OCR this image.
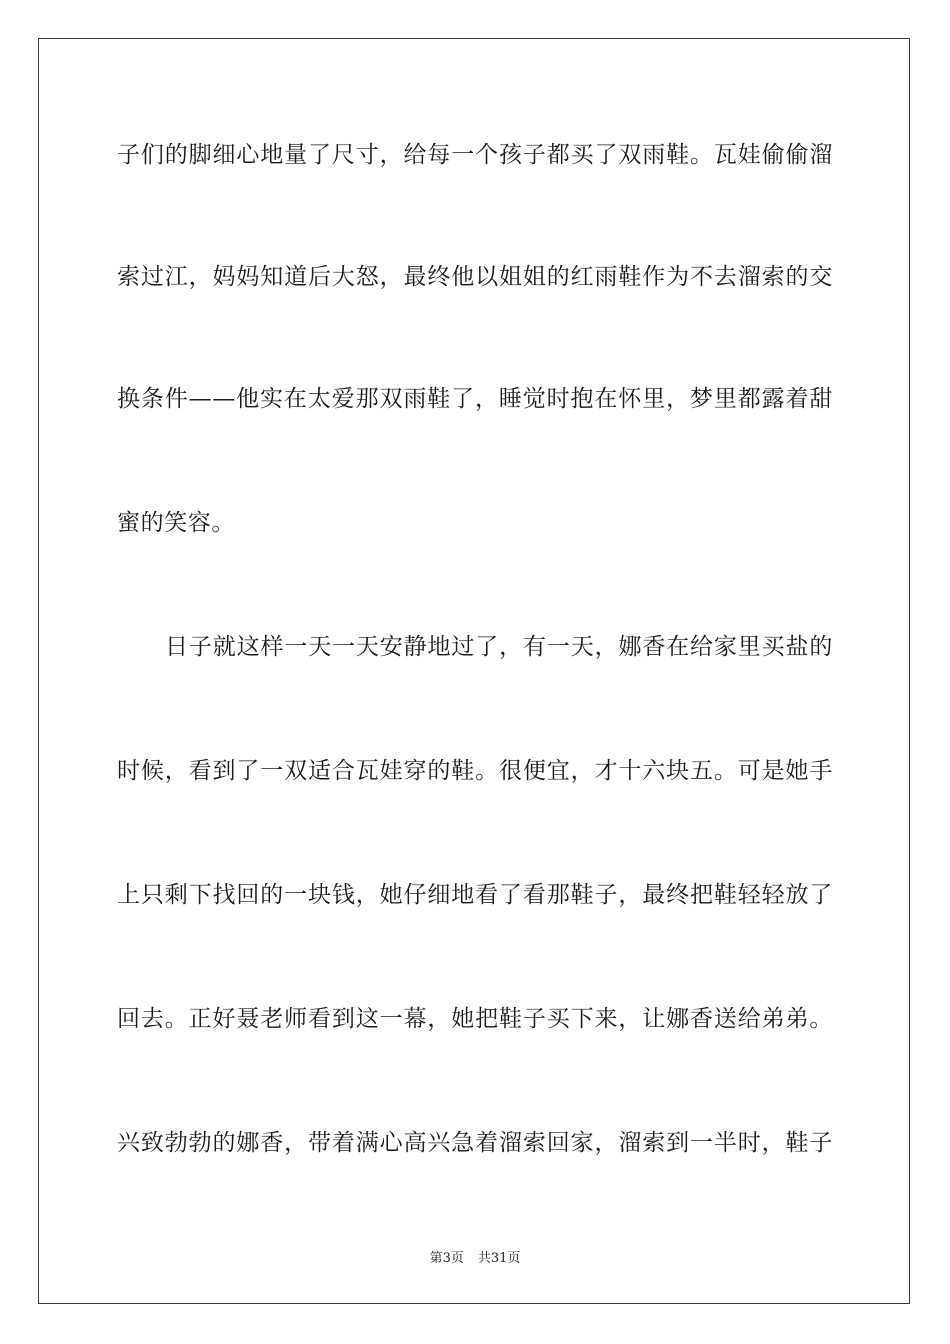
子们的脚细心地量了尺寸，给每一个孩子都买了双雨鞋。瓦娃偷偷溜
索过江，妈妈知道后大怒，最终他以姐姐的红雨鞋作为不去溜索的交
换条件——他实在太爱那双雨鞋了，睡觉时抱在怀里，梦里都露着甜
蜜的笑容。
日子就这样一天一天安静地过了，有一天，娜香在给家里买盐的
时候，看到了一双适合瓦娃穿的鞋。很便宜，才十六块五。可是她手
上只剩下找回的一块钱，她仔细地看了看那鞋子，最终把鞋轻轻放了
回去。正好聂老师看到这一幕，她把鞋子买下来，让娜香送给弟弟。
兴致勃勃的娜香，带着满心高兴急着溜索回家，溜索到一半时，鞋子
第3页 共31页
